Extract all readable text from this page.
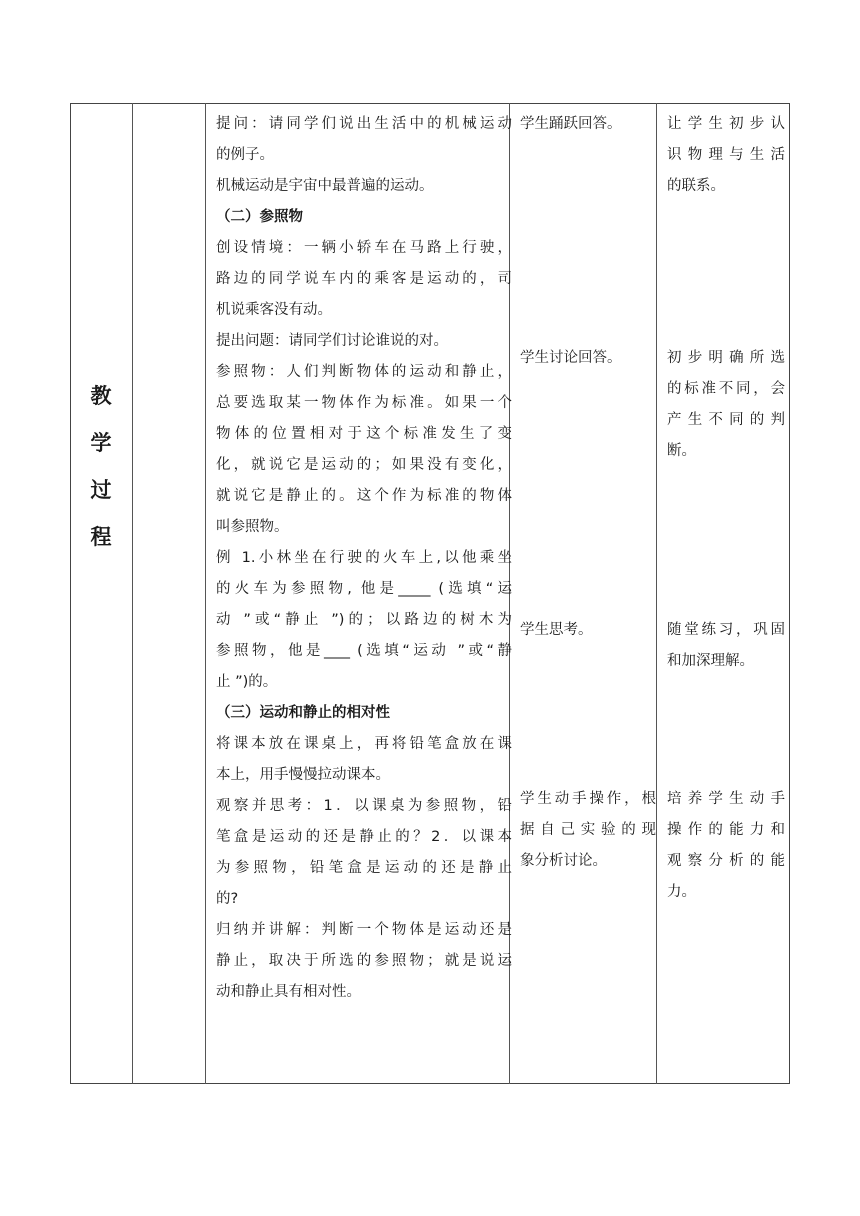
教
学
过
程

提问：请同学们说出生活中的机械运动

的例子。

机械运动是宇宙中最普遍的运动。

（二）参照物

创设情境：一辆小轿车在马路上行驶，

路边的同学说车内的乘客是运动的，司

机说乘客没有动。

提出问题：请同学们讨论谁说的对。

参照物：人们判断物体的运动和静止，

总要选取某一物体作为标准。如果一个

物体的位置相对于这个标准发生了变

化，就说它是运动的；如果没有变化，

就说它是静止的。这个作为标准的物体

叫参照物。

例 1.小林坐在行驶的火车上,以他乘坐

的火车为参照物, 他是_____ (选填“运

动 ”或“静止 ”)的；以路边的树木为

参照物，他是____ (选填“运动 ”或“静

止 ”)的。

（三）运动和静止的相对性

将课本放在课桌上，再将铅笔盒放在课

本上，用手慢慢拉动课本。

观察并思考：1．以课桌为参照物，铅

笔盒是运动的还是静止的？2．以课本

为参照物，铅笔盒是运动的还是静止

的?

归纳并讲解：判断一个物体是运动还是

静止，取决于所选的参照物；就是说运

动和静止具有相对性。

学生踊跃回答。

学生讨论回答。

学生思考。

学生动手操作，根

据自己实验的现

象分析讨论。

让学生初步认

识物理与生活

的联系。

初步明确所选

的标准不同，会

产生不同的判

断。

随堂练习，巩固

和加深理解。

培养学生动手

操作的能力和

观察分析的能

力。
